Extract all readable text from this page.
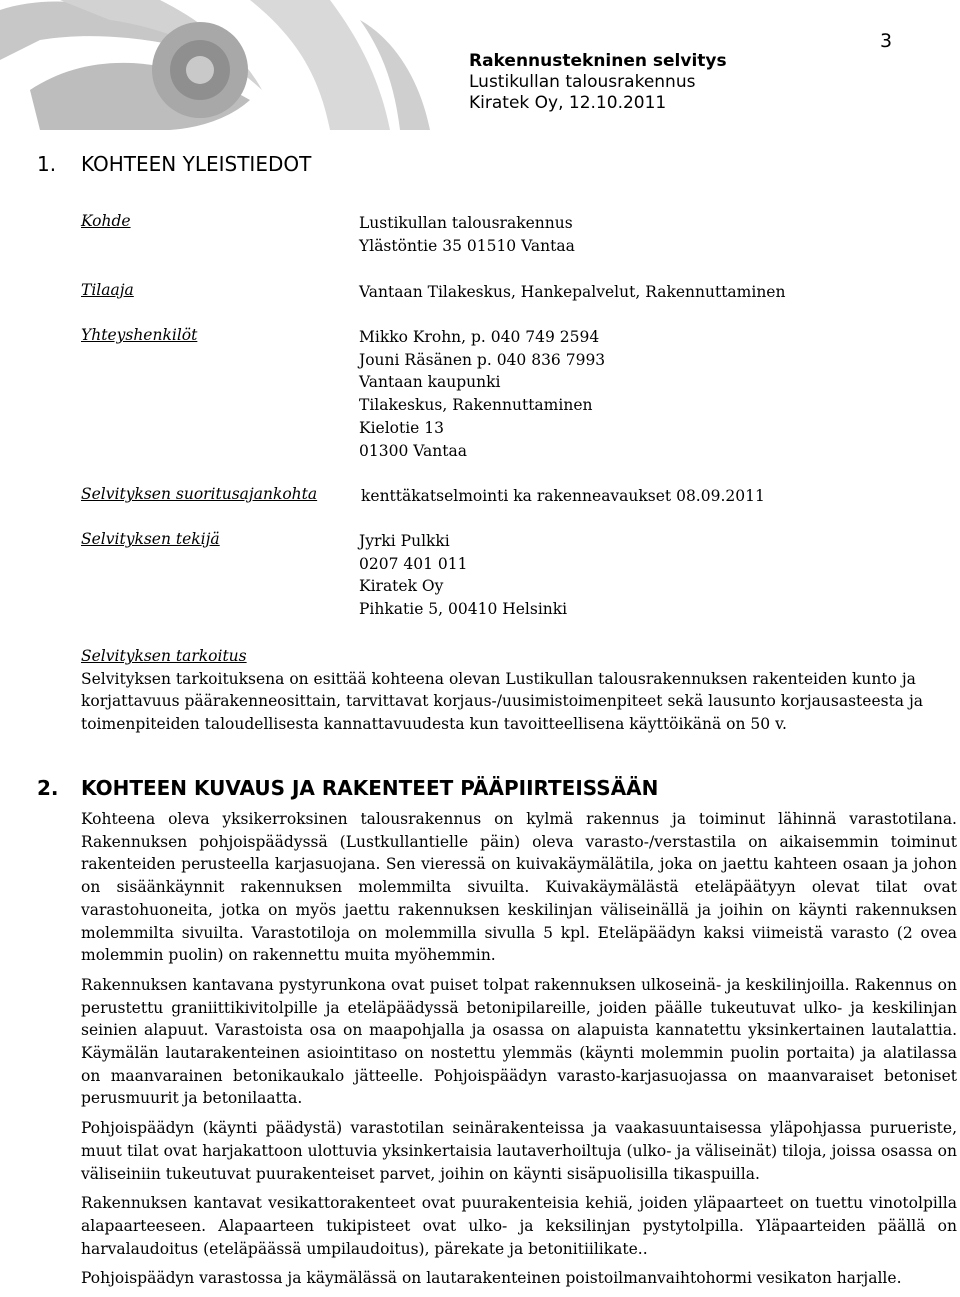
3
Rakennustekninen selvitys
Lustikullan talousrakennus
Kiratek Oy, 12.10.2011
1. KOHTEEN YLEISTIEDOT
Kohde	Lustikullan talousrakennus
Ylästöntie 35 01510 Vantaa
Tilaaja	Vantaan Tilakeskus, Hankepalvelut, Rakennuttaminen
Yhteyshenkilöt	Mikko Krohn, p. 040 749 2594
Jouni Räsänen p. 040 836 7993
Vantaan kaupunki
Tilakeskus, Rakennuttaminen
Kielotie 13
01300 Vantaa
Selvityksen suoritusajankohta	kenttäkatselmointi ka rakenneavaukset 08.09.2011
Selvityksen tekijä	Jyrki Pulkki
0207 401 011
Kiratek Oy
Pihkatie 5, 00410 Helsinki
Selvityksen tarkoitus
Selvityksen tarkoituksena on esittää kohteena olevan Lustikullan talousrakennuksen rakenteiden kunto ja korjattavuus päärakenneosittain, tarvittavat korjaus-/uusimistoimenpiteet sekä lausunto korjausasteesta ja toimenpiteiden taloudellisesta kannattavuudesta kun tavoitteellisena käyttöikänä on 50 v.
2. KOHTEEN KUVAUS JA RAKENTEET PÄÄPIIRTEISSÄÄN

Kohteena oleva yksikerroksinen talousrakennus on kylmä rakennus ja toiminut lähinnä varastotilana. Rakennuksen pohjoispäädyssä (Lustkullantielle päin) oleva varasto-/verstastila on aikaisemmin toiminut rakenteiden perusteella karjasuojana. Sen vieressä on kuivakäymälätila, joka on jaettu kahteen osaan ja johon on sisäänkäynnit rakennuksen molemmilta sivuilta. Kuivakäymälästä eteläpäätyyn olevat tilat ovat varastohuoneita, jotka on myös jaettu rakennuksen keskilinjan väliseinällä ja joihin on käynti rakennuksen molemmilta sivuilta. Varastotiloja on molemmilla sivulla 5 kpl. Eteläpäädyn kaksi viimeistä varasto (2 ovea molemmin puolin) on rakennettu muita myöhemmin.

Rakennuksen kantavana pystyrunkona ovat puiset tolpat rakennuksen ulkoseinä- ja keskilinjoilla. Rakennus on perustettu graniittikivitolpille ja eteläpäädyssä betonipilareille, joiden päälle tukeutuvat ulko- ja keskilinjan seinien alapuut. Varastoista osa on maapohjalla ja osassa on alapuista kannatettu yksinkertainen lautalattia. Käymälän lautarakenteinen asiointitaso on nostettu ylemmäs (käynti molemmin puolin portaita) ja alatilassa on maanvarainen betonikaukalo jätteelle. Pohjoispäädyn varasto-karjasuojassa on maanvaraiset betoniset perusmuurit ja betonilaatta.

Pohjoispäädyn (käynti päädystä) varastotilan seinärakenteissa ja vaakasuuntaisessa yläpohjassa purueriste, muut tilat ovat harjakattoon ulottuvia yksinkertaisia lautaverhoiltuja (ulko- ja väliseinät) tiloja, joissa osassa on väliseiniin tukeutuvat puurakenteiset parvet, joihin on käynti sisäpuolisilla tikaspuilla.

Rakennuksen kantavat vesikattorakenteet ovat puurakenteisia kehiä, joiden yläpaarteet on tuettu vinotolpilla alapaarteeseen. Alapaarteen tukipisteet ovat ulko- ja keksilinjan pystytolpilla. Yläpaarteiden päällä on harvalaudoitus (eteläpäässä umpilaudoitus), pärekate ja betonitiilikate..

Pohjoispäädyn varastossa ja käymälässä on lautarakenteinen poistoilmanvaihtohormi vesikaton harjalle.
